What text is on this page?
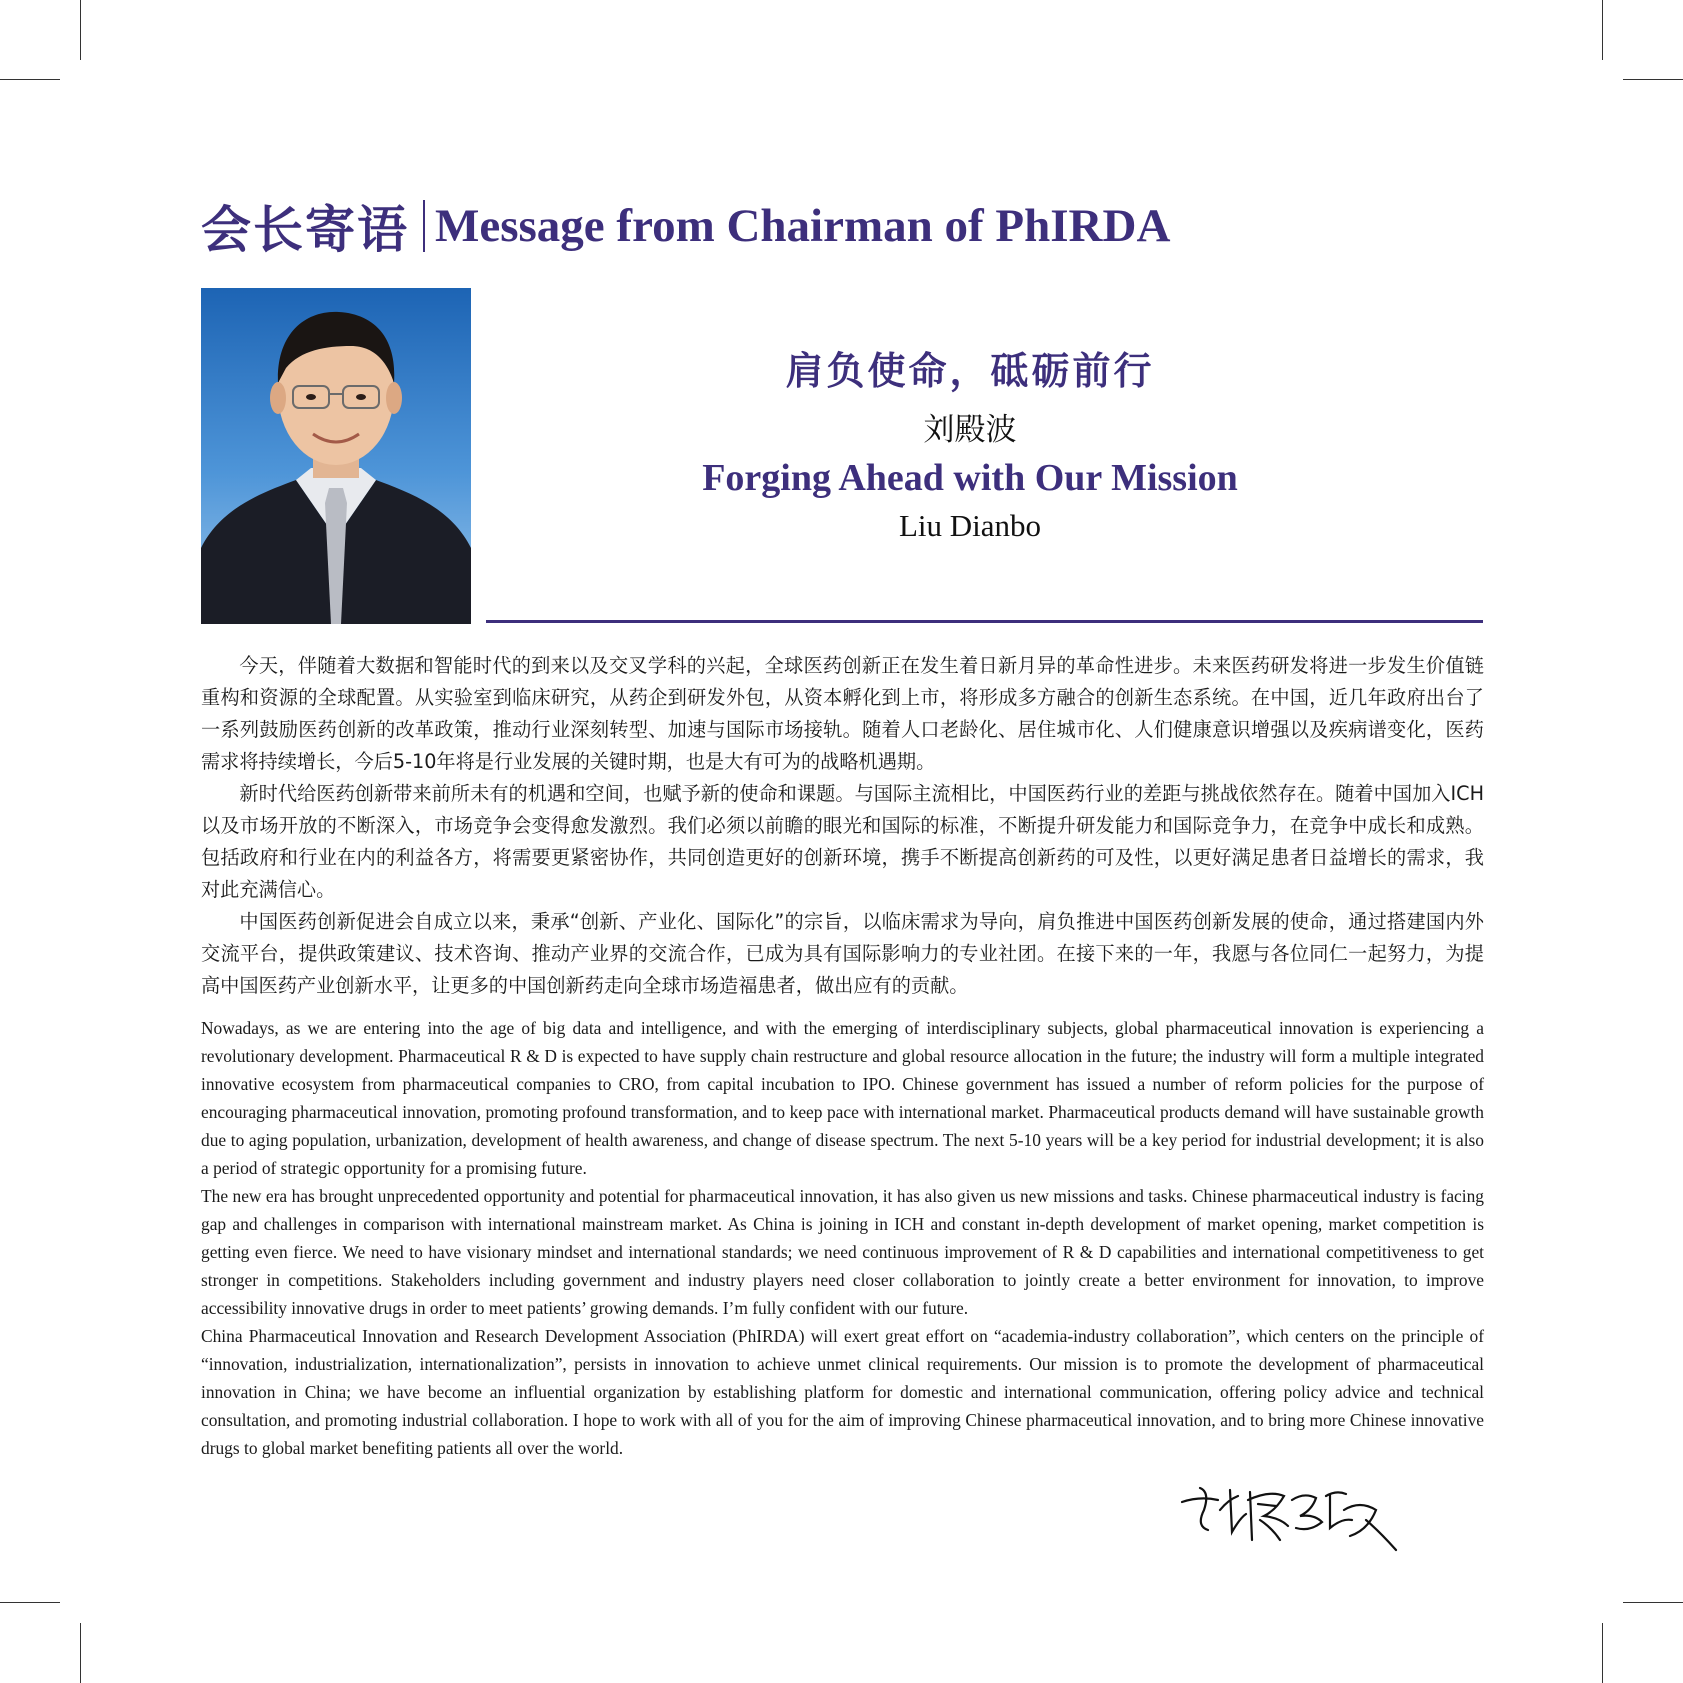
会长寄语 Message from Chairman of PhIRDA
肩负使命，砥砺前行
刘殿波
Forging Ahead with Our Mission
Liu Dianbo

今天，伴随着大数据和智能时代的到来以及交叉学科的兴起，全球医药创新正在发生着日新月异的革命性进步。未来医药研发将进一步发生价值链重构和资源的全球配置。从实验室到临床研究，从药企到研发外包，从资本孵化到上市，将形成多方融合的创新生态系统。在中国，近几年政府出台了一系列鼓励医药创新的改革政策，推动行业深刻转型、加速与国际市场接轨。随着人口老龄化、居住城市化、人们健康意识增强以及疾病谱变化，医药需求将持续增长，今后5-10年将是行业发展的关键时期，也是大有可为的战略机遇期。

新时代给医药创新带来前所未有的机遇和空间，也赋予新的使命和课题。与国际主流相比，中国医药行业的差距与挑战依然存在。随着中国加入ICH以及市场开放的不断深入，市场竞争会变得愈发激烈。我们必须以前瞻的眼光和国际的标准，不断提升研发能力和国际竞争力，在竞争中成长和成熟。包括政府和行业在内的利益各方，将需要更紧密协作，共同创造更好的创新环境，携手不断提高创新药的可及性，以更好满足患者日益增长的需求，我对此充满信心。

中国医药创新促进会自成立以来，秉承“创新、产业化、国际化”的宗旨，以临床需求为导向，肩负推进中国医药创新发展的使命，通过搭建国内外交流平台，提供政策建议、技术咨询、推动产业界的交流合作，已成为具有国际影响力的专业社团。在接下来的一年，我愿与各位同仁一起努力，为提高中国医药产业创新水平，让更多的中国创新药走向全球市场造福患者，做出应有的贡献。

Nowadays, as we are entering into the age of big data and intelligence, and with the emerging of interdisciplinary subjects, global pharmaceutical innovation is experiencing a revolutionary development. Pharmaceutical R & D is expected to have supply chain restructure and global resource allocation in the future; the industry will form a multiple integrated innovative ecosystem from pharmaceutical companies to CRO, from capital incubation to IPO. Chinese government has issued a number of reform policies for the purpose of encouraging pharmaceutical innovation, promoting profound transformation, and to keep pace with international market. Pharmaceutical products demand will have sustainable growth due to aging population, urbanization, development of health awareness, and change of disease spectrum. The next 5-10 years will be a key period for industrial development; it is also a period of strategic opportunity for a promising future.

The new era has brought unprecedented opportunity and potential for pharmaceutical innovation, it has also given us new missions and tasks. Chinese pharmaceutical industry is facing gap and challenges in comparison with international mainstream market. As China is joining in ICH and constant in-depth development of market opening, market competition is getting even fierce. We need to have visionary mindset and international standards; we need continuous improvement of R & D capabilities and international competitiveness to get stronger in competitions. Stakeholders including government and industry players need closer collaboration to jointly create a better environment for innovation, to improve accessibility innovative drugs in order to meet patients’ growing demands. I’m fully confident with our future.

China Pharmaceutical Innovation and Research Development Association (PhIRDA) will exert great effort on “academia-industry collaboration”, which centers on the principle of “innovation, industrialization, internationalization”, persists in innovation to achieve unmet clinical requirements. Our mission is to promote the development of pharmaceutical innovation in China; we have become an influential organization by establishing platform for domestic and international communication, offering policy advice and technical consultation, and promoting industrial collaboration. I hope to work with all of you for the aim of improving Chinese pharmaceutical innovation, and to bring more Chinese innovative drugs to global market benefiting patients all over the world.
